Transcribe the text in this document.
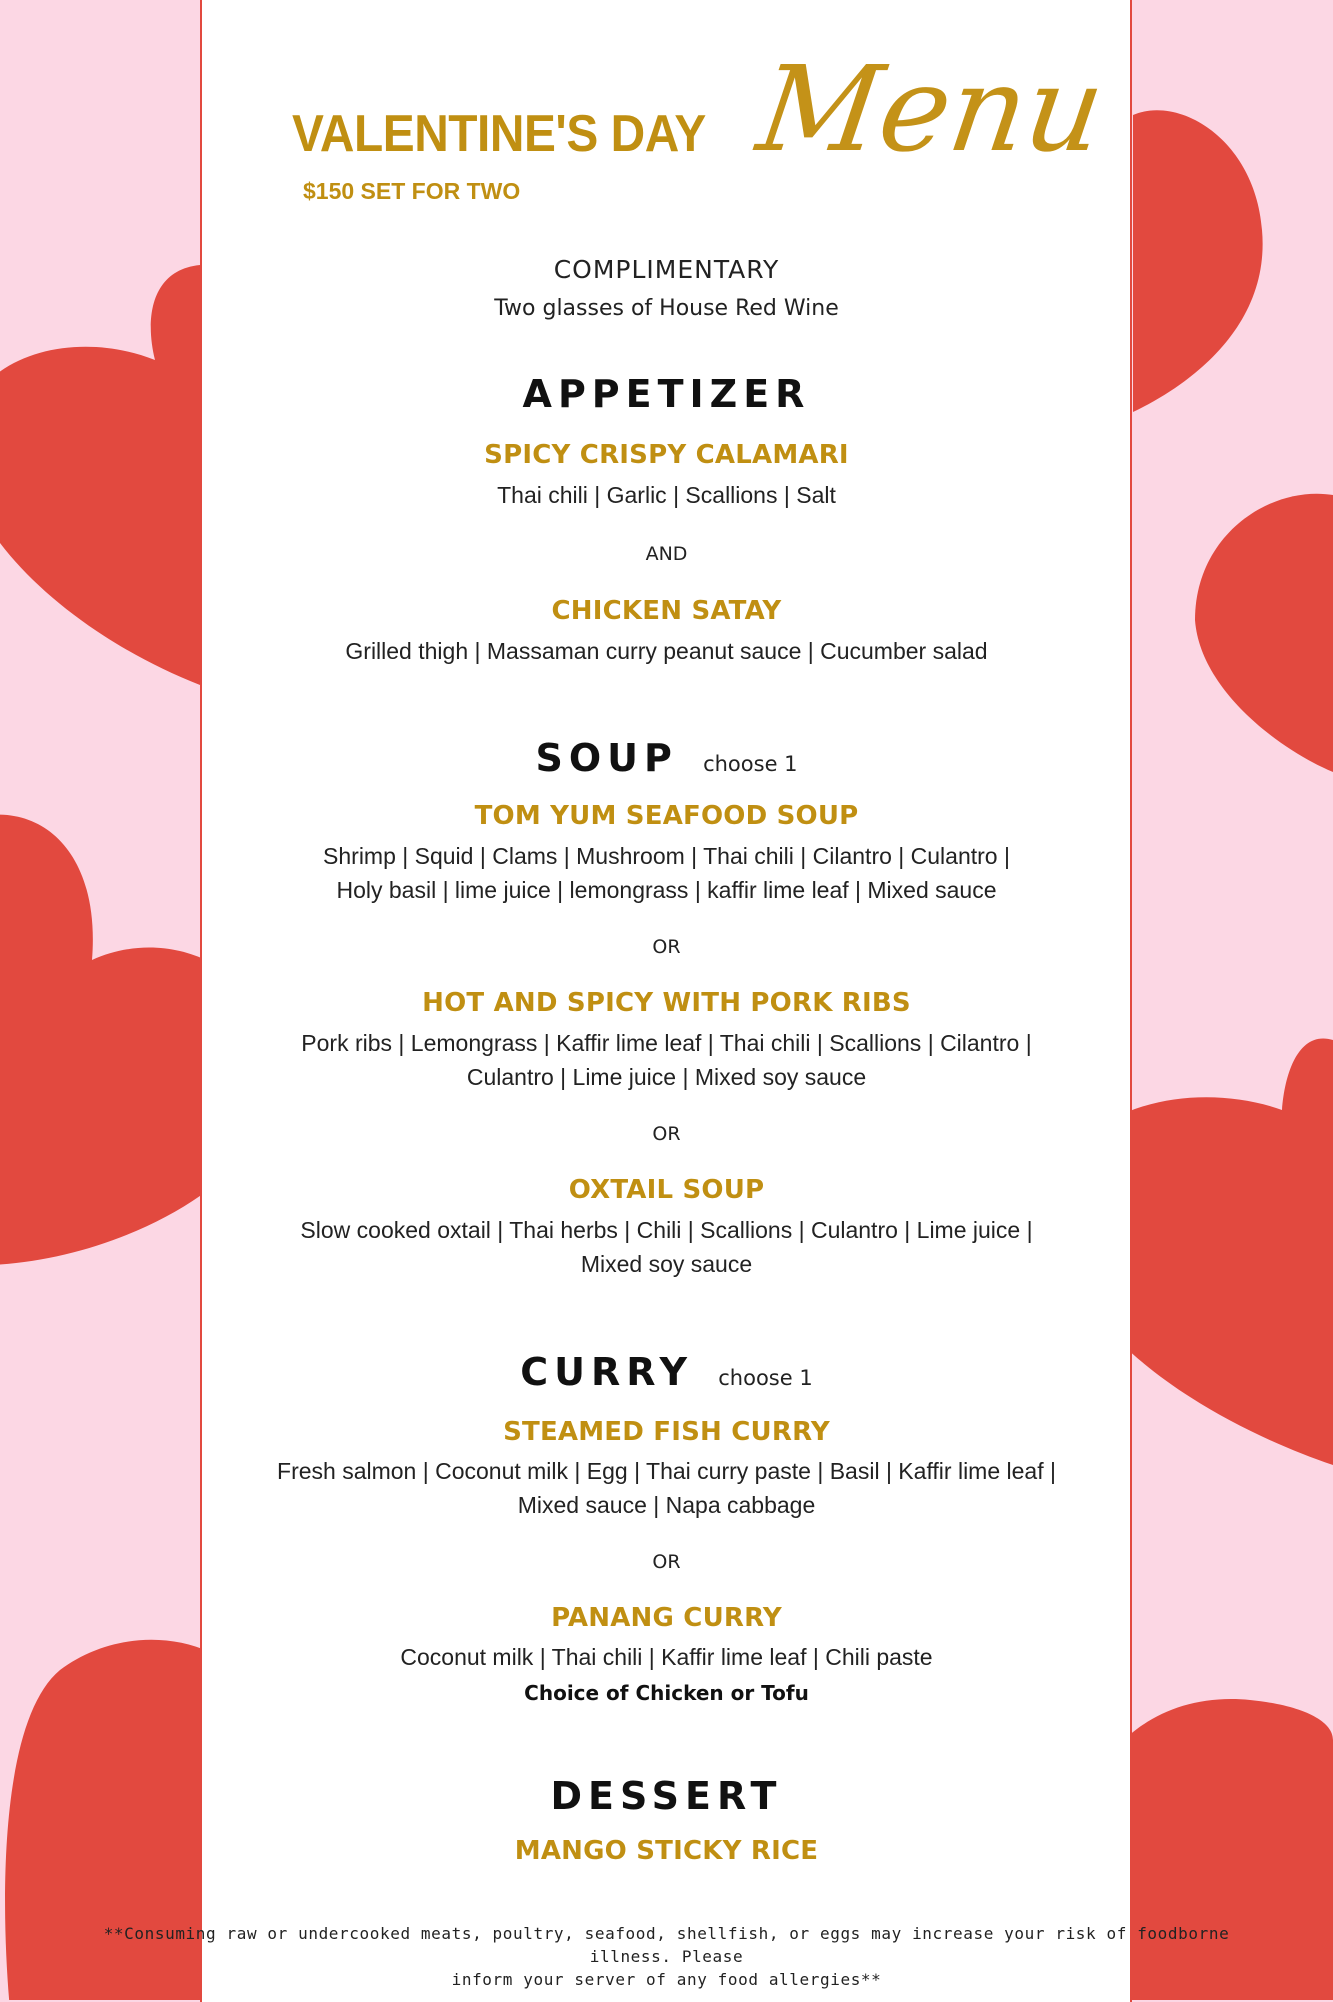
VALENTINE'S DAY Menu
$150 SET FOR TWO
COMPLIMENTARY
Two glasses of House Red Wine
APPETIZER
SPICY CRISPY CALAMARI
Thai chili | Garlic | Scallions | Salt
AND
CHICKEN SATAY
Grilled thigh | Massaman curry peanut sauce | Cucumber salad
SOUP choose 1
TOM YUM SEAFOOD SOUP
Shrimp | Squid | Clams | Mushroom | Thai chili | Cilantro | Culantro |
Holy basil | lime juice | lemongrass | kaffir lime leaf | Mixed sauce
OR
HOT AND SPICY WITH PORK RIBS
Pork ribs | Lemongrass | Kaffir lime leaf | Thai chili | Scallions | Cilantro |
Culantro | Lime juice | Mixed soy sauce
OR
OXTAIL SOUP
Slow cooked oxtail | Thai herbs | Chili | Scallions | Culantro | Lime juice |
Mixed soy sauce
CURRY choose 1
STEAMED FISH CURRY
Fresh salmon | Coconut milk | Egg | Thai curry paste | Basil | Kaffir lime leaf |
Mixed sauce | Napa cabbage
OR
PANANG CURRY
Coconut milk | Thai chili | Kaffir lime leaf | Chili paste
Choice of Chicken or Tofu
DESSERT
MANGO STICKY RICE
**Consuming raw or undercooked meats, poultry, seafood, shellfish, or eggs may increase your risk of foodborne illness. Please
inform your server of any food allergies**
